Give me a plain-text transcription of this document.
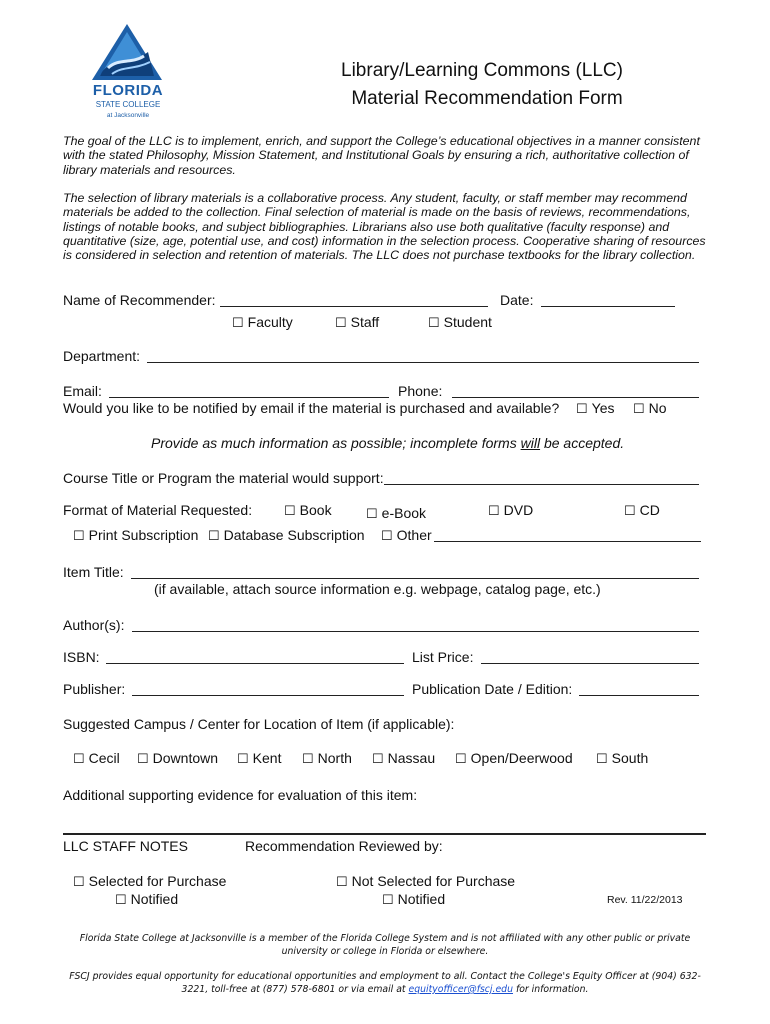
FLORIDA
STATE COLLEGE
at Jacksonville
Library/Learning Commons (LLC)
Material Recommendation Form
The goal of the LLC is to implement, enrich, and support the College’s educational objectives in a manner consistent with the stated Philosophy, Mission Statement, and Institutional Goals by ensuring a rich, authoritative collection of library materials and resources.
The selection of library materials is a collaborative process. Any student, faculty, or staff member may recommend materials be added to the collection. Final selection of material is made on the basis of reviews, recommendations, listings of notable books, and subject bibliographies. Librarians also use both qualitative (faculty response) and quantitative (size, age, potential use, and cost) information in the selection process. Cooperative sharing of resources is considered in selection and retention of materials. The LLC does not purchase textbooks for the library collection.
Name of Recommender:	Date:
☐ Faculty	☐ Staff	☐ Student
Department:
Email:	Phone:
Would you like to be notified by email if the material is purchased and available?	☐ Yes	☐ No
Provide as much information as possible; incomplete forms will be accepted.
Course Title or Program the material would support:
Format of Material Requested:	☐ Book	☐ e-Book	☐ DVD	☐ CD
☐ Print Subscription	☐ Database Subscription	☐ Other
Item Title:
(if available, attach source information e.g. webpage, catalog page, etc.)
Author(s):
ISBN:	List Price:
Publisher:	Publication Date / Edition:
Suggested Campus / Center for Location of Item (if applicable):
☐ Cecil	☐ Downtown	☐ Kent	☐ North	☐ Nassau	☐ Open/Deerwood	☐ South
Additional supporting evidence for evaluation of this item:
LLC STAFF NOTES	Recommendation Reviewed by:
☐ Selected for Purchase	☐ Not Selected for Purchase
☐ Notified	☐ Notified	Rev. 11/22/2013
Florida State College at Jacksonville is a member of the Florida College System and is not affiliated with any other public or private university or college in Florida or elsewhere.
FSCJ provides equal opportunity for educational opportunities and employment to all. Contact the College's Equity Officer at (904) 632-3221, toll-free at (877) 578-6801 or via email at equityofficer@fscj.edu for information.
